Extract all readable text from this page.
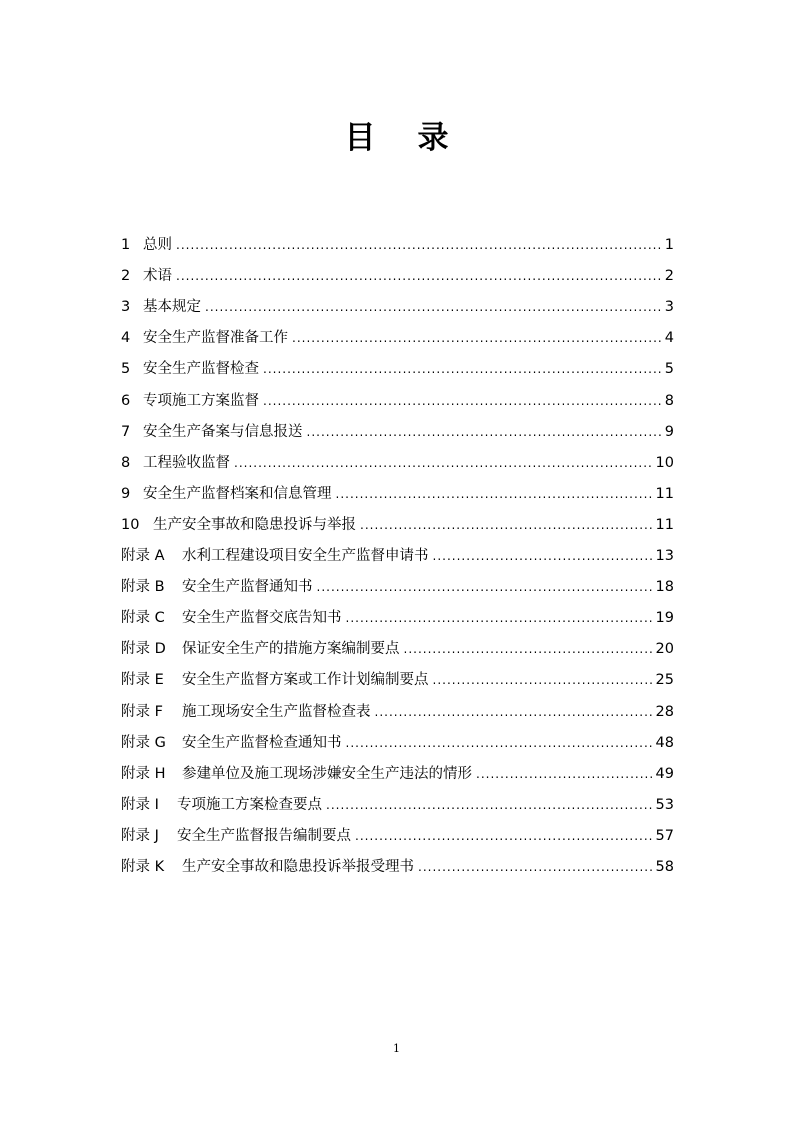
目 录
1 总则 .....	1
2 术语 .....	2
3 基本规定 .....	3
4 安全生产监督准备工作 .....	4
5 安全生产监督检查 .....	5
6 专项施工方案监督 .....	8
7 安全生产备案与信息报送 .....	9
8 工程验收监督 .....	10
9 安全生产监督档案和信息管理 .....	11
10 生产安全事故和隐患投诉与举报 .....	11
附录 A	水利工程建设项目安全生产监督申请书 .....	13
附录 B	安全生产监督通知书 .....	18
附录 C	安全生产监督交底告知书 .....	19
附录 D	保证安全生产的措施方案编制要点 .....	20
附录 E	安全生产监督方案或工作计划编制要点 .....	25
附录 F	施工现场安全生产监督检查表 .....	28
附录 G	安全生产监督检查通知书 .....	48
附录 H	参建单位及施工现场涉嫌安全生产违法的情形 .....	49
附录 I	专项施工方案检查要点 .....	53
附录 J	安全生产监督报告编制要点 .....	57
附录 K	生产安全事故和隐患投诉举报受理书 .....	58
1
